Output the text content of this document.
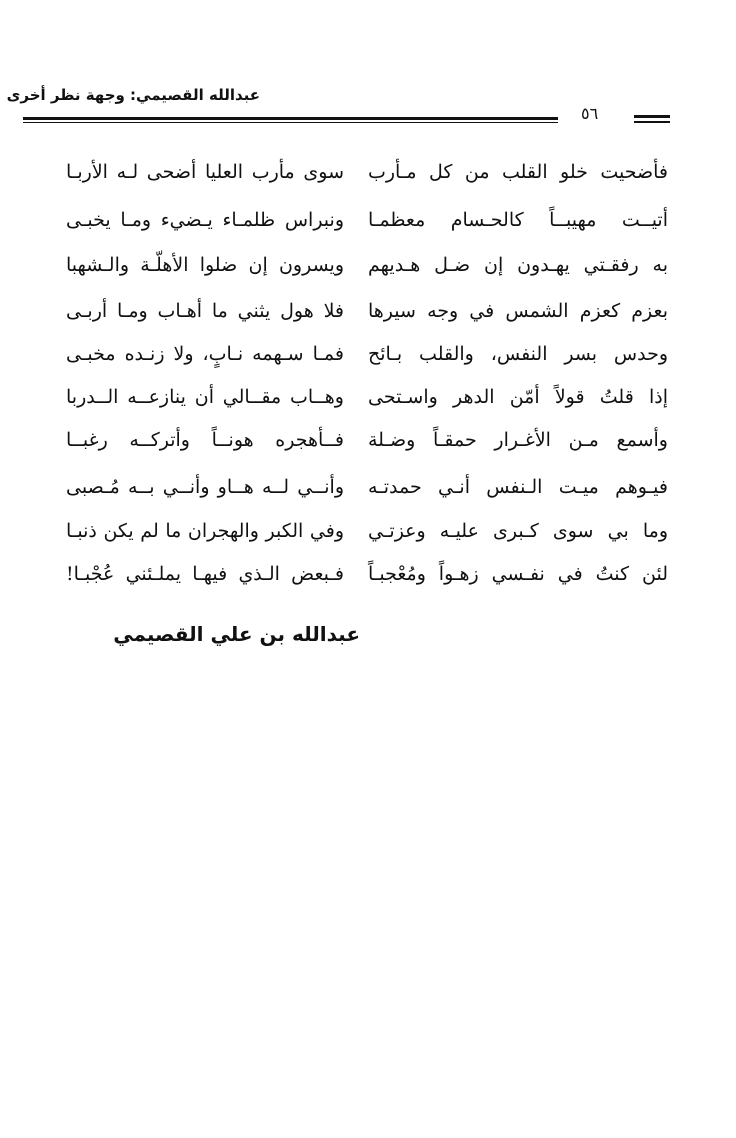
عبدالله القصيمي: وجهة نظر أخرى
٥٦
فأضحيت خلو القلب من كل مـأرب
سوى مأرب العليا أضحى لـه الأربـا
أتيــت مهيبــاً كالحـسام معظمـا
ونبراس ظلمـاء يـضيء ومـا يخبـى
به رفقـتي يهـدون إن ضـل هـديهم
ويسرون إن ضلوا الأهلّـة والـشهبا
بعزم كعزم الشمس في وجه سيرها
فلا هول يثني ما أهـاب ومـا أربـى
وحدس بسر النفس، والقلب بـائح
فمـا سـهمه نـابٍ، ولا زنـده مخبـى
إذا قلتُ قولاً أمّن الدهر واسـتحى
وهــاب مقــالي أن ينازعــه الــدربا
وأسمع مـن الأغـرار حمقـاً وضـلة
فــأهجره هونــاً وأتركــه رغبــا
فيـوهم ميـت الـنفس أنـي حمدتـه
وأنــي لــه هــاو وأنــي بــه مُـصبى
وما بي سوى كـبرى عليـه وعزتـي
وفي الكبر والهجران ما لم يكن ذنبـا
لئن كنتُ في نفـسي زهـواً ومُعْجبـاً
فـبعض الـذي فيهـا يملـئني عُجْبـا!
عبدالله بن علي القصيمي
